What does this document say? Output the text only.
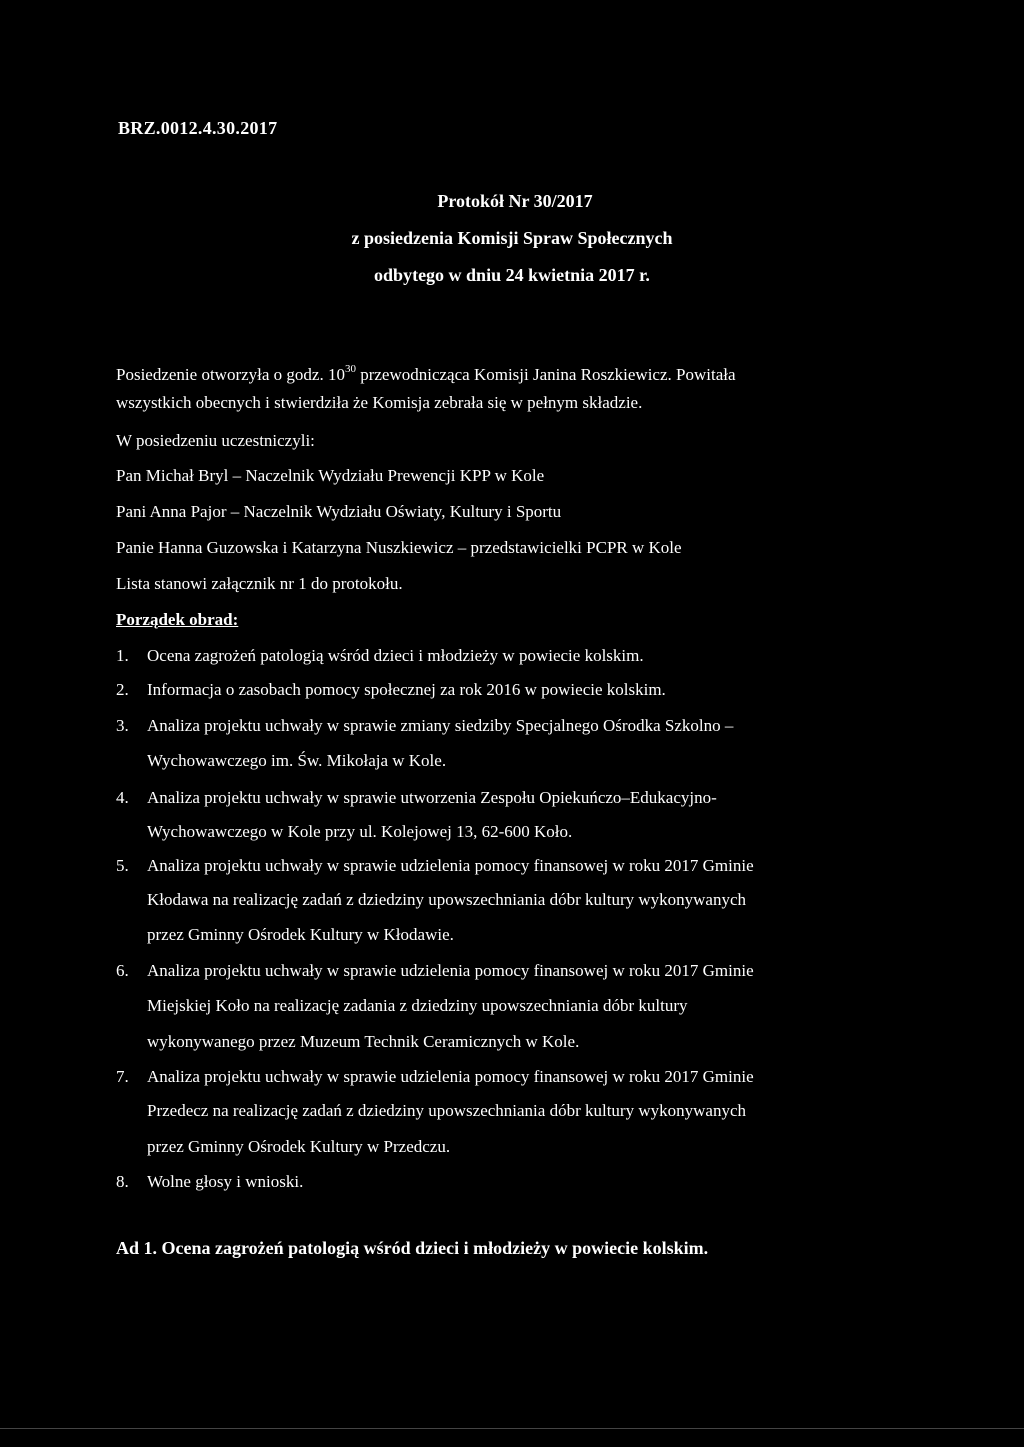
BRZ.0012.4.30.2017
Protokół Nr 30/2017
z posiedzenia Komisji Spraw Społecznych
odbytego w dniu 24 kwietnia 2017 r.
Posiedzenie otworzyła o godz. $10^{30}$ przewodnicząca Komisji Janina Roszkiewicz. Powitała
wszystkich obecnych i stwierdziła że Komisja zebrała się w pełnym składzie.
W posiedzeniu uczestniczyli:
Pan Michał Bryl – Naczelnik Wydziału Prewencji KPP w Kole
Pani Anna Pajor – Naczelnik Wydziału Oświaty, Kultury i Sportu
Panie Hanna Guzowska i Katarzyna Nuszkiewicz – przedstawicielki PCPR w Kole
Lista stanowi załącznik nr 1 do protokołu.
Porządek obrad:
1. Ocena zagrożeń patologią wśród dzieci i młodzieży w powiecie kolskim.
2. Informacja o zasobach pomocy społecznej za rok 2016 w powiecie kolskim.
3. Analiza projektu uchwały w sprawie zmiany siedziby Specjalnego Ośrodka Szkolno –
Wychowawczego im. Św. Mikołaja w Kole.
4. Analiza projektu uchwały w sprawie utworzenia Zespołu Opiekuńczo–Edukacyjno-
Wychowawczego w Kole przy ul. Kolejowej 13, 62-600 Koło.
5. Analiza projektu uchwały w sprawie udzielenia pomocy finansowej w roku 2017 Gminie
Kłodawa na realizację zadań z dziedziny upowszechniania dóbr kultury wykonywanych
przez Gminny Ośrodek Kultury w Kłodawie.
6. Analiza projektu uchwały w sprawie udzielenia pomocy finansowej w roku 2017 Gminie
Miejskiej Koło na realizację zadania z dziedziny upowszechniania dóbr kultury
wykonywanego przez Muzeum Technik Ceramicznych w Kole.
7. Analiza projektu uchwały w sprawie udzielenia pomocy finansowej w roku 2017 Gminie
Przedecz na realizację zadań z dziedziny upowszechniania dóbr kultury wykonywanych
przez Gminny Ośrodek Kultury w Przedczu.
8. Wolne głosy i wnioski.
Ad 1. Ocena zagrożeń patologią wśród dzieci i młodzieży w powiecie kolskim.
